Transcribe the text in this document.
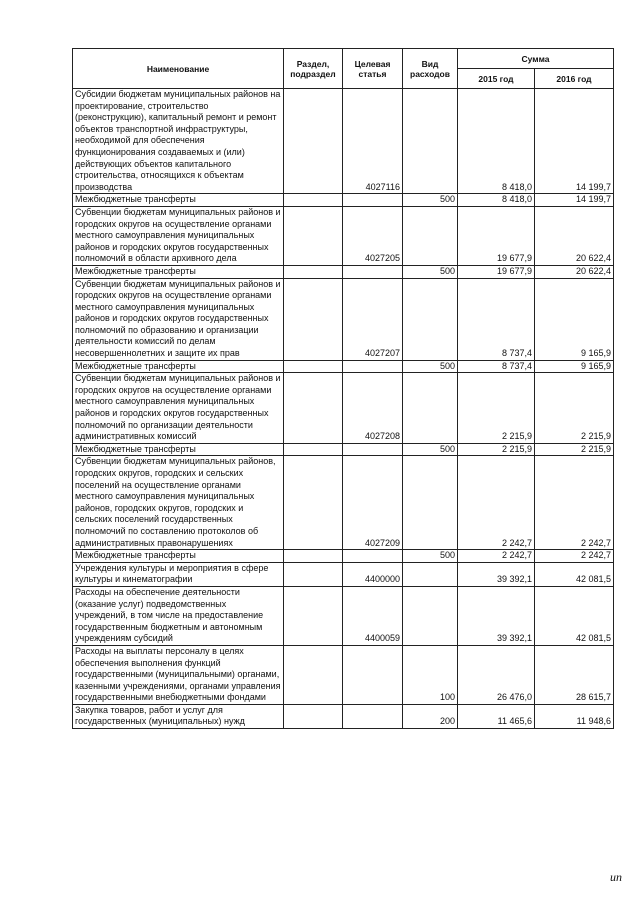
Наименование	Раздел, подраздел	Целевая статья	Вид расходов	Сумма	
				2015 год	2016 год
Субсидии бюджетам муниципальных районов на проектирование, строительство (реконструкцию), капитальный ремонт и ремонт объектов транспортной инфраструктуры, необходимой для обеспечения функционирования создаваемых и (или) действующих объектов капитального строительства, относящихся к объектам производства		4027116		8 418,0	14 199,7
Межбюджетные трансферты			500	8 418,0	14 199,7
Субвенции бюджетам муниципальных районов и городских округов на осуществление органами местного самоуправления муниципальных районов и городских округов государственных полномочий в области архивного дела		4027205		19 677,9	20 622,4
Межбюджетные трансферты			500	19 677,9	20 622,4
Субвенции бюджетам муниципальных районов и городских округов на осуществление органами местного самоуправления муниципальных районов и городских округов государственных полномочий по образованию и организации деятельности комиссий по делам несовершеннолетних и защите их прав		4027207		8 737,4	9 165,9
Межбюджетные трансферты			500	8 737,4	9 165,9
Субвенции бюджетам муниципальных районов и городских округов на осуществление органами местного самоуправления муниципальных районов и городских округов государственных полномочий по организации деятельности административных комиссий		4027208		2 215,9	2 215,9
Межбюджетные трансферты			500	2 215,9	2 215,9
Субвенции бюджетам муниципальных районов, городских округов, городских и сельских поселений на осуществление органами местного самоуправления муниципальных районов, городских округов, городских и сельских поселений государственных полномочий по составлению протоколов об административных правонарушениях		4027209		2 242,7	2 242,7
Межбюджетные трансферты			500	2 242,7	2 242,7
Учреждения культуры и мероприятия в сфере культуры и кинематографии		4400000		39 392,1	42 081,5
Расходы на обеспечение деятельности (оказание услуг) подведомственных учреждений, в том числе на предоставление государственным бюджетным и автономным учреждениям субсидий		4400059		39 392,1	42 081,5
Расходы на выплаты персоналу в целях обеспечения выполнения функций государственными (муниципальными) органами, казенными учреждениями, органами управления государственными внебюджетными фондами			100	26 476,0	28 615,7
Закупка товаров, работ и услуг для государственных (муниципальных) нужд			200	11 465,6	11 948,6
ип
